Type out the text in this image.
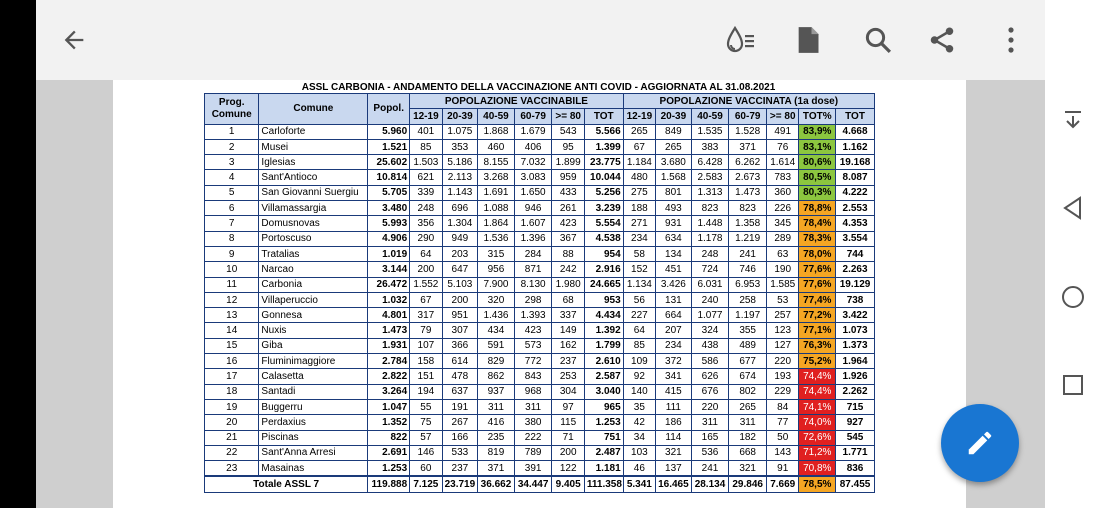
ASSL CARBONIA - ANDAMENTO DELLA VACCINAZIONE ANTI COVID - AGGIORNATA AL 31.08.2021
Prog. Comune	Comune	Popol.	POPOLAZIONE VACCINABILE						POPOLAZIONE VACCINATA (1a dose)						
			12-19	20-39	40-59	60-79	>= 80	TOT	12-19	20-39	40-59	60-79	>= 80	TOT%	TOT
1	Carloforte	5.960	401	1.075	1.868	1.679	543	5.566	265	849	1.535	1.528	491	83,9%	4.668
2	Musei	1.521	85	353	460	406	95	1.399	67	265	383	371	76	83,1%	1.162
3	Iglesias	25.602	1.503	5.186	8.155	7.032	1.899	23.775	1.184	3.680	6.428	6.262	1.614	80,6%	19.168
4	Sant'Antioco	10.814	621	2.113	3.268	3.083	959	10.044	480	1.568	2.583	2.673	783	80,5%	8.087
5	San Giovanni Suergiu	5.705	339	1.143	1.691	1.650	433	5.256	275	801	1.313	1.473	360	80,3%	4.222
6	Villamassargia	3.480	248	696	1.088	946	261	3.239	188	493	823	823	226	78,8%	2.553
7	Domusnovas	5.993	356	1.304	1.864	1.607	423	5.554	271	931	1.448	1.358	345	78,4%	4.353
8	Portoscuso	4.906	290	949	1.536	1.396	367	4.538	234	634	1.178	1.219	289	78,3%	3.554
9	Tratalias	1.019	64	203	315	284	88	954	58	134	248	241	63	78,0%	744
10	Narcao	3.144	200	647	956	871	242	2.916	152	451	724	746	190	77,6%	2.263
11	Carbonia	26.472	1.552	5.103	7.900	8.130	1.980	24.665	1.134	3.426	6.031	6.953	1.585	77,6%	19.129
12	Villaperuccio	1.032	67	200	320	298	68	953	56	131	240	258	53	77,4%	738
13	Gonnesa	4.801	317	951	1.436	1.393	337	4.434	227	664	1.077	1.197	257	77,2%	3.422
14	Nuxis	1.473	79	307	434	423	149	1.392	64	207	324	355	123	77,1%	1.073
15	Giba	1.931	107	366	591	573	162	1.799	85	234	438	489	127	76,3%	1.373
16	Fluminimaggiore	2.784	158	614	829	772	237	2.610	109	372	586	677	220	75,2%	1.964
17	Calasetta	2.822	151	478	862	843	253	2.587	92	341	626	674	193	74,4%	1.926
18	Santadi	3.264	194	637	937	968	304	3.040	140	415	676	802	229	74,4%	2.262
19	Buggerru	1.047	55	191	311	311	97	965	35	111	220	265	84	74,1%	715
20	Perdaxius	1.352	75	267	416	380	115	1.253	42	186	311	311	77	74,0%	927
21	Piscinas	822	57	166	235	222	71	751	34	114	165	182	50	72,6%	545
22	Sant'Anna Arresi	2.691	146	533	819	789	200	2.487	103	321	536	668	143	71,2%	1.771
23	Masainas	1.253	60	237	371	391	122	1.181	46	137	241	321	91	70,8%	836
Totale ASSL 7		119.888	7.125	23.719	36.662	34.447	9.405	111.358	5.341	16.465	28.134	29.846	7.669	78,5%	87.455
